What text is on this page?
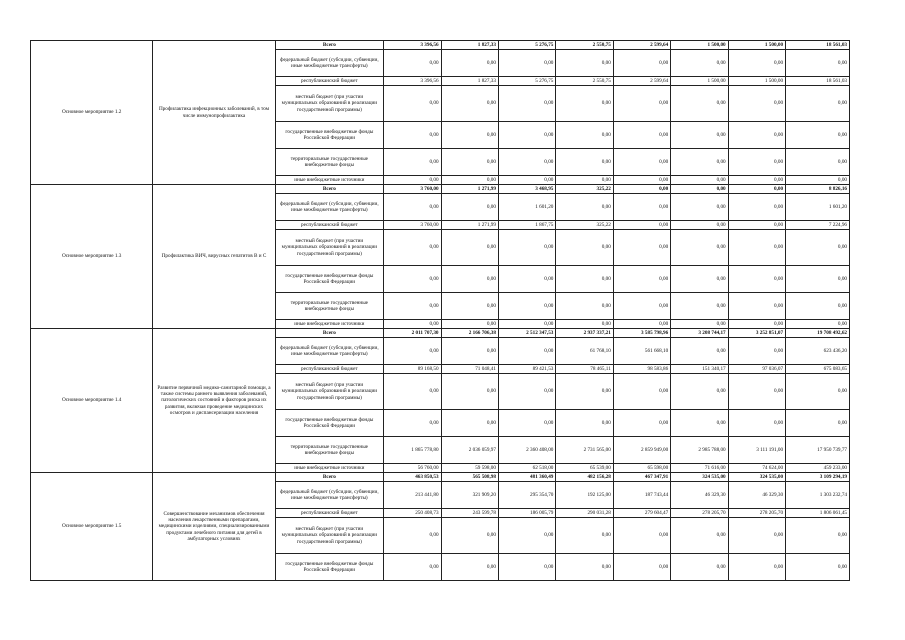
Основное мероприятие 1.2	Профилактика инфекционных заболеваний, в том числе иммунопрофилактика	Всего	3 396,56	1 827,33	5 276,75	2 550,75	2 599,64	1 500,00	1 500,00	18 561,03
		федеральный бюджет (субсидии, субвенции, иные межбюджетные трансферты)	0,00	0,00	0,00	0,00	0,00	0,00	0,00	0,00
		республиканский бюджет	3 396,56	1 827,33	5 276,75	2 550,75	2 599,64	1 500,00	1 500,00	18 561,03
		местный бюджет (при участии муниципальных образований в реализации государственной программы)	0,00	0,00	0,00	0,00	0,00	0,00	0,00	0,00
		государственные внебюджетные фонды Российской Федерации	0,00	0,00	0,00	0,00	0,00	0,00	0,00	0,00
		территориальные государственные внебюджетные фонды	0,00	0,00	0,00	0,00	0,00	0,00	0,00	0,00
		иные внебюджетные источники	0,00	0,00	0,00	0,00	0,00	0,00	0,00	0,00
Основное мероприятие 1.3	Профилактика ВИЧ, вирусных гепатитов В и С	Всего	3 760,00	1 271,99	3 468,95	325,22	0,00	0,00	0,00	8 826,16
		федеральный бюджет (субсидии, субвенции, иные межбюджетные трансферты)	0,00	0,00	1 601,20	0,00	0,00	0,00	0,00	1 601,20
		республиканский бюджет	3 760,00	1 271,99	1 867,75	325,22	0,00	0,00	0,00	7 224,96
		местный бюджет (при участии муниципальных образований в реализации государственной программы)	0,00	0,00	0,00	0,00	0,00	0,00	0,00	0,00
		государственные внебюджетные фонды Российской Федерации	0,00	0,00	0,00	0,00	0,00	0,00	0,00	0,00
		территориальные государственные внебюджетные фонды	0,00	0,00	0,00	0,00	0,00	0,00	0,00	0,00
		иные внебюджетные источники	0,00	0,00	0,00	0,00	0,00	0,00	0,00	0,00
Основное мероприятие 1.4	Развитие первичной медико-санитарной помощи, а также системы раннего выявления заболеваний, патологических состояний и факторов риска их развития, включая проведение медицинских осмотров и диспансеризации населения	Всего	2 011 707,30	2 166 706,38	2 512 347,53	2 937 337,21	3 585 798,96	3 208 744,17	3 252 851,07	19 708 492,62
		федеральный бюджет (субсидии, субвенции, иные межбюджетные трансферты)	0,00	0,00	0,00	61 768,10	561 668,10	0,00	0,00	623 436,20
		республиканский бюджет	89 168,50	71 048,41	89 421,53	78 465,11	98 583,86	151 340,17	97 036,07	675 083,65
		местный бюджет (при участии муниципальных образований в реализации государственной программы)	0,00	0,00	0,00	0,00	0,00	0,00	0,00	0,00
		государственные внебюджетные фонды Российской Федерации	0,00	0,00	0,00	0,00	0,00	0,00	0,00	0,00
		территориальные государственные внебюджетные фонды	1 865 778,80	2 036 059,97	2 360 408,00	2 731 565,00	2 859 949,00	2 985 788,00	3 111 191,00	17 950 739,77
		иные внебюджетные источники	56 760,00	59 598,00	62 518,00	65 539,00	65 598,00	71 616,00	74 624,00	459 233,00
Основное мероприятие 1.5	Совершенствование механизмов обеспечения населения лекарственными препаратами, медицинскими изделиями, специализированными продуктами лечебного питания для детей в амбулаторных условиях	Всего	463 850,53	565 508,98	481 360,49	482 156,28	467 347,91	324 535,00	324 535,00	3 109 294,19
		федеральный бюджет (субсидии, субвенции, иные межбюджетные трансферты)	213 441,80	321 909,20	295 354,70	192 125,00	187 743,44	46 329,30	46 329,30	1 303 232,74
		республиканский бюджет	250 408,73	243 599,78	186 005,79	290 031,28	279 604,47	278 205,70	278 205,70	1 806 061,45
		местный бюджет (при участии муниципальных образований в реализации государственной программы)	0,00	0,00	0,00	0,00	0,00	0,00	0,00	0,00
		государственные внебюджетные фонды Российской Федерации	0,00	0,00	0,00	0,00	0,00	0,00	0,00	0,00
